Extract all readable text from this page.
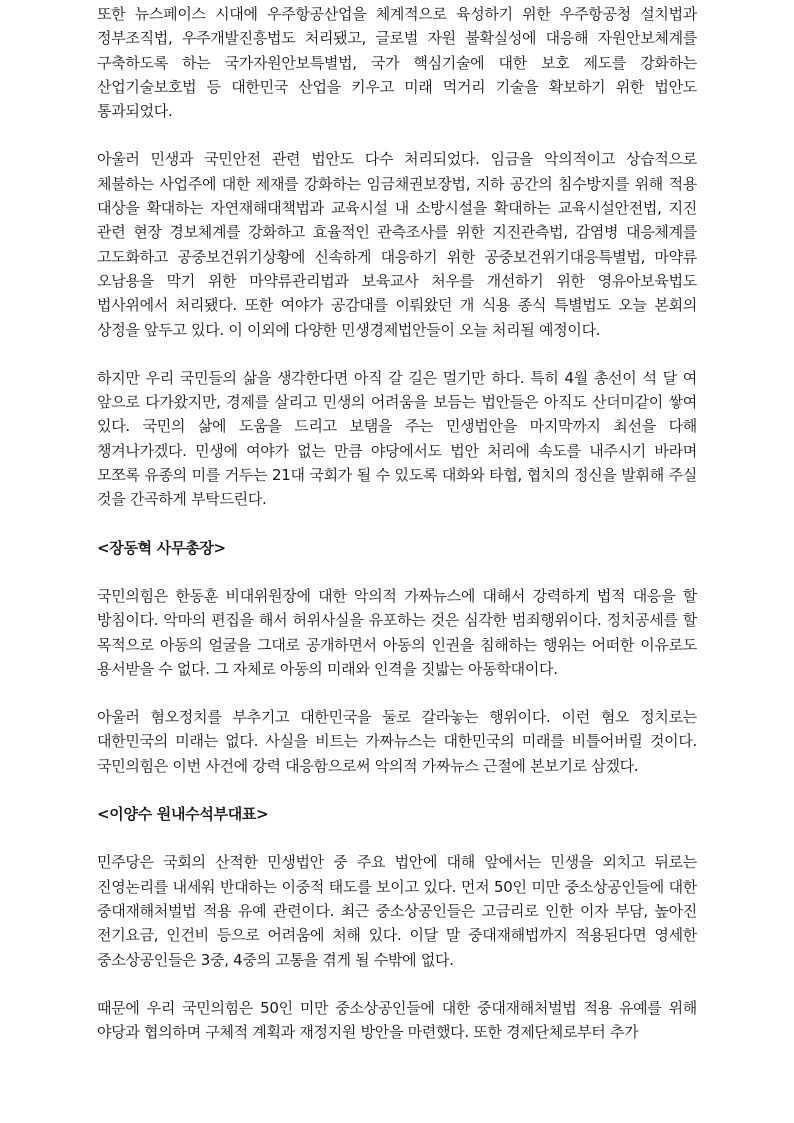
또한 뉴스페이스 시대에 우주항공산업을 체계적으로 육성하기 위한 우주항공청 설치법과 정부조직법, 우주개발진흥법도 처리됐고, 글로벌 자원 불확실성에 대응해 자원안보체계를 구축하도록 하는 국가자원안보특별법, 국가 핵심기술에 대한 보호 제도를 강화하는 산업기술보호법 등 대한민국 산업을 키우고 미래 먹거리 기술을 확보하기 위한 법안도 통과되었다.

아울러 민생과 국민안전 관련 법안도 다수 처리되었다. 임금을 악의적이고 상습적으로 체불하는 사업주에 대한 제재를 강화하는 임금채권보장법, 지하 공간의 침수방지를 위해 적용 대상을 확대하는 자연재해대책법과 교육시설 내 소방시설을 확대하는 교육시설안전법, 지진 관련 현장 경보체계를 강화하고 효율적인 관측조사를 위한 지진관측법, 감염병 대응체계를 고도화하고 공중보건위기상황에 신속하게 대응하기 위한 공중보건위기대응특별법, 마약류 오남용을 막기 위한 마약류관리법과 보육교사 처우를 개선하기 위한 영유아보육법도 법사위에서 처리됐다. 또한 여야가 공감대를 이뤄왔던 개 식용 종식 특별법도 오늘 본회의 상정을 앞두고 있다. 이 이외에 다양한 민생경제법안들이 오늘 처리될 예정이다.

하지만 우리 국민들의 삶을 생각한다면 아직 갈 길은 멀기만 하다. 특히 4월 총선이 석 달 여 앞으로 다가왔지만, 경제를 살리고 민생의 어려움을 보듬는 법안들은 아직도 산더미같이 쌓여 있다. 국민의 삶에 도움을 드리고 보탬을 주는 민생법안을 마지막까지 최선을 다해 챙겨나가겠다. 민생에 여야가 없는 만큼 야당에서도 법안 처리에 속도를 내주시기 바라며 모쪼록 유종의 미를 거두는 21대 국회가 될 수 있도록 대화와 타협, 협치의 정신을 발휘해 주실 것을 간곡하게 부탁드린다.

<장동혁 사무총장>

국민의힘은 한동훈 비대위원장에 대한 악의적 가짜뉴스에 대해서 강력하게 법적 대응을 할 방침이다. 악마의 편집을 해서 허위사실을 유포하는 것은 심각한 범죄행위이다. 정치공세를 할 목적으로 아동의 얼굴을 그대로 공개하면서 아동의 인권을 침해하는 행위는 어떠한 이유로도 용서받을 수 없다. 그 자체로 아동의 미래와 인격을 짓밟는 아동학대이다.

아울러 혐오정치를 부추기고 대한민국을 둘로 갈라놓는 행위이다. 이런 혐오 정치로는 대한민국의 미래는 없다. 사실을 비트는 가짜뉴스는 대한민국의 미래를 비틀어버릴 것이다. 국민의힘은 이번 사건에 강력 대응함으로써 악의적 가짜뉴스 근절에 본보기로 삼겠다.

<이양수 원내수석부대표>

민주당은 국회의 산적한 민생법안 중 주요 법안에 대해 앞에서는 민생을 외치고 뒤로는 진영논리를 내세워 반대하는 이중적 태도를 보이고 있다. 먼저 50인 미만 중소상공인들에 대한 중대재해처벌법 적용 유예 관련이다. 최근 중소상공인들은 고금리로 인한 이자 부담, 높아진 전기요금, 인건비 등으로 어려움에 처해 있다. 이달 말 중대재해법까지 적용된다면 영세한 중소상공인들은 3중, 4중의 고통을 겪게 될 수밖에 없다.

때문에 우리 국민의힘은 50인 미만 중소상공인들에 대한 중대재해처벌법 적용 유예를 위해 야당과 협의하며 구체적 계획과 재정지원 방안을 마련했다. 또한 경제단체로부터 추가
